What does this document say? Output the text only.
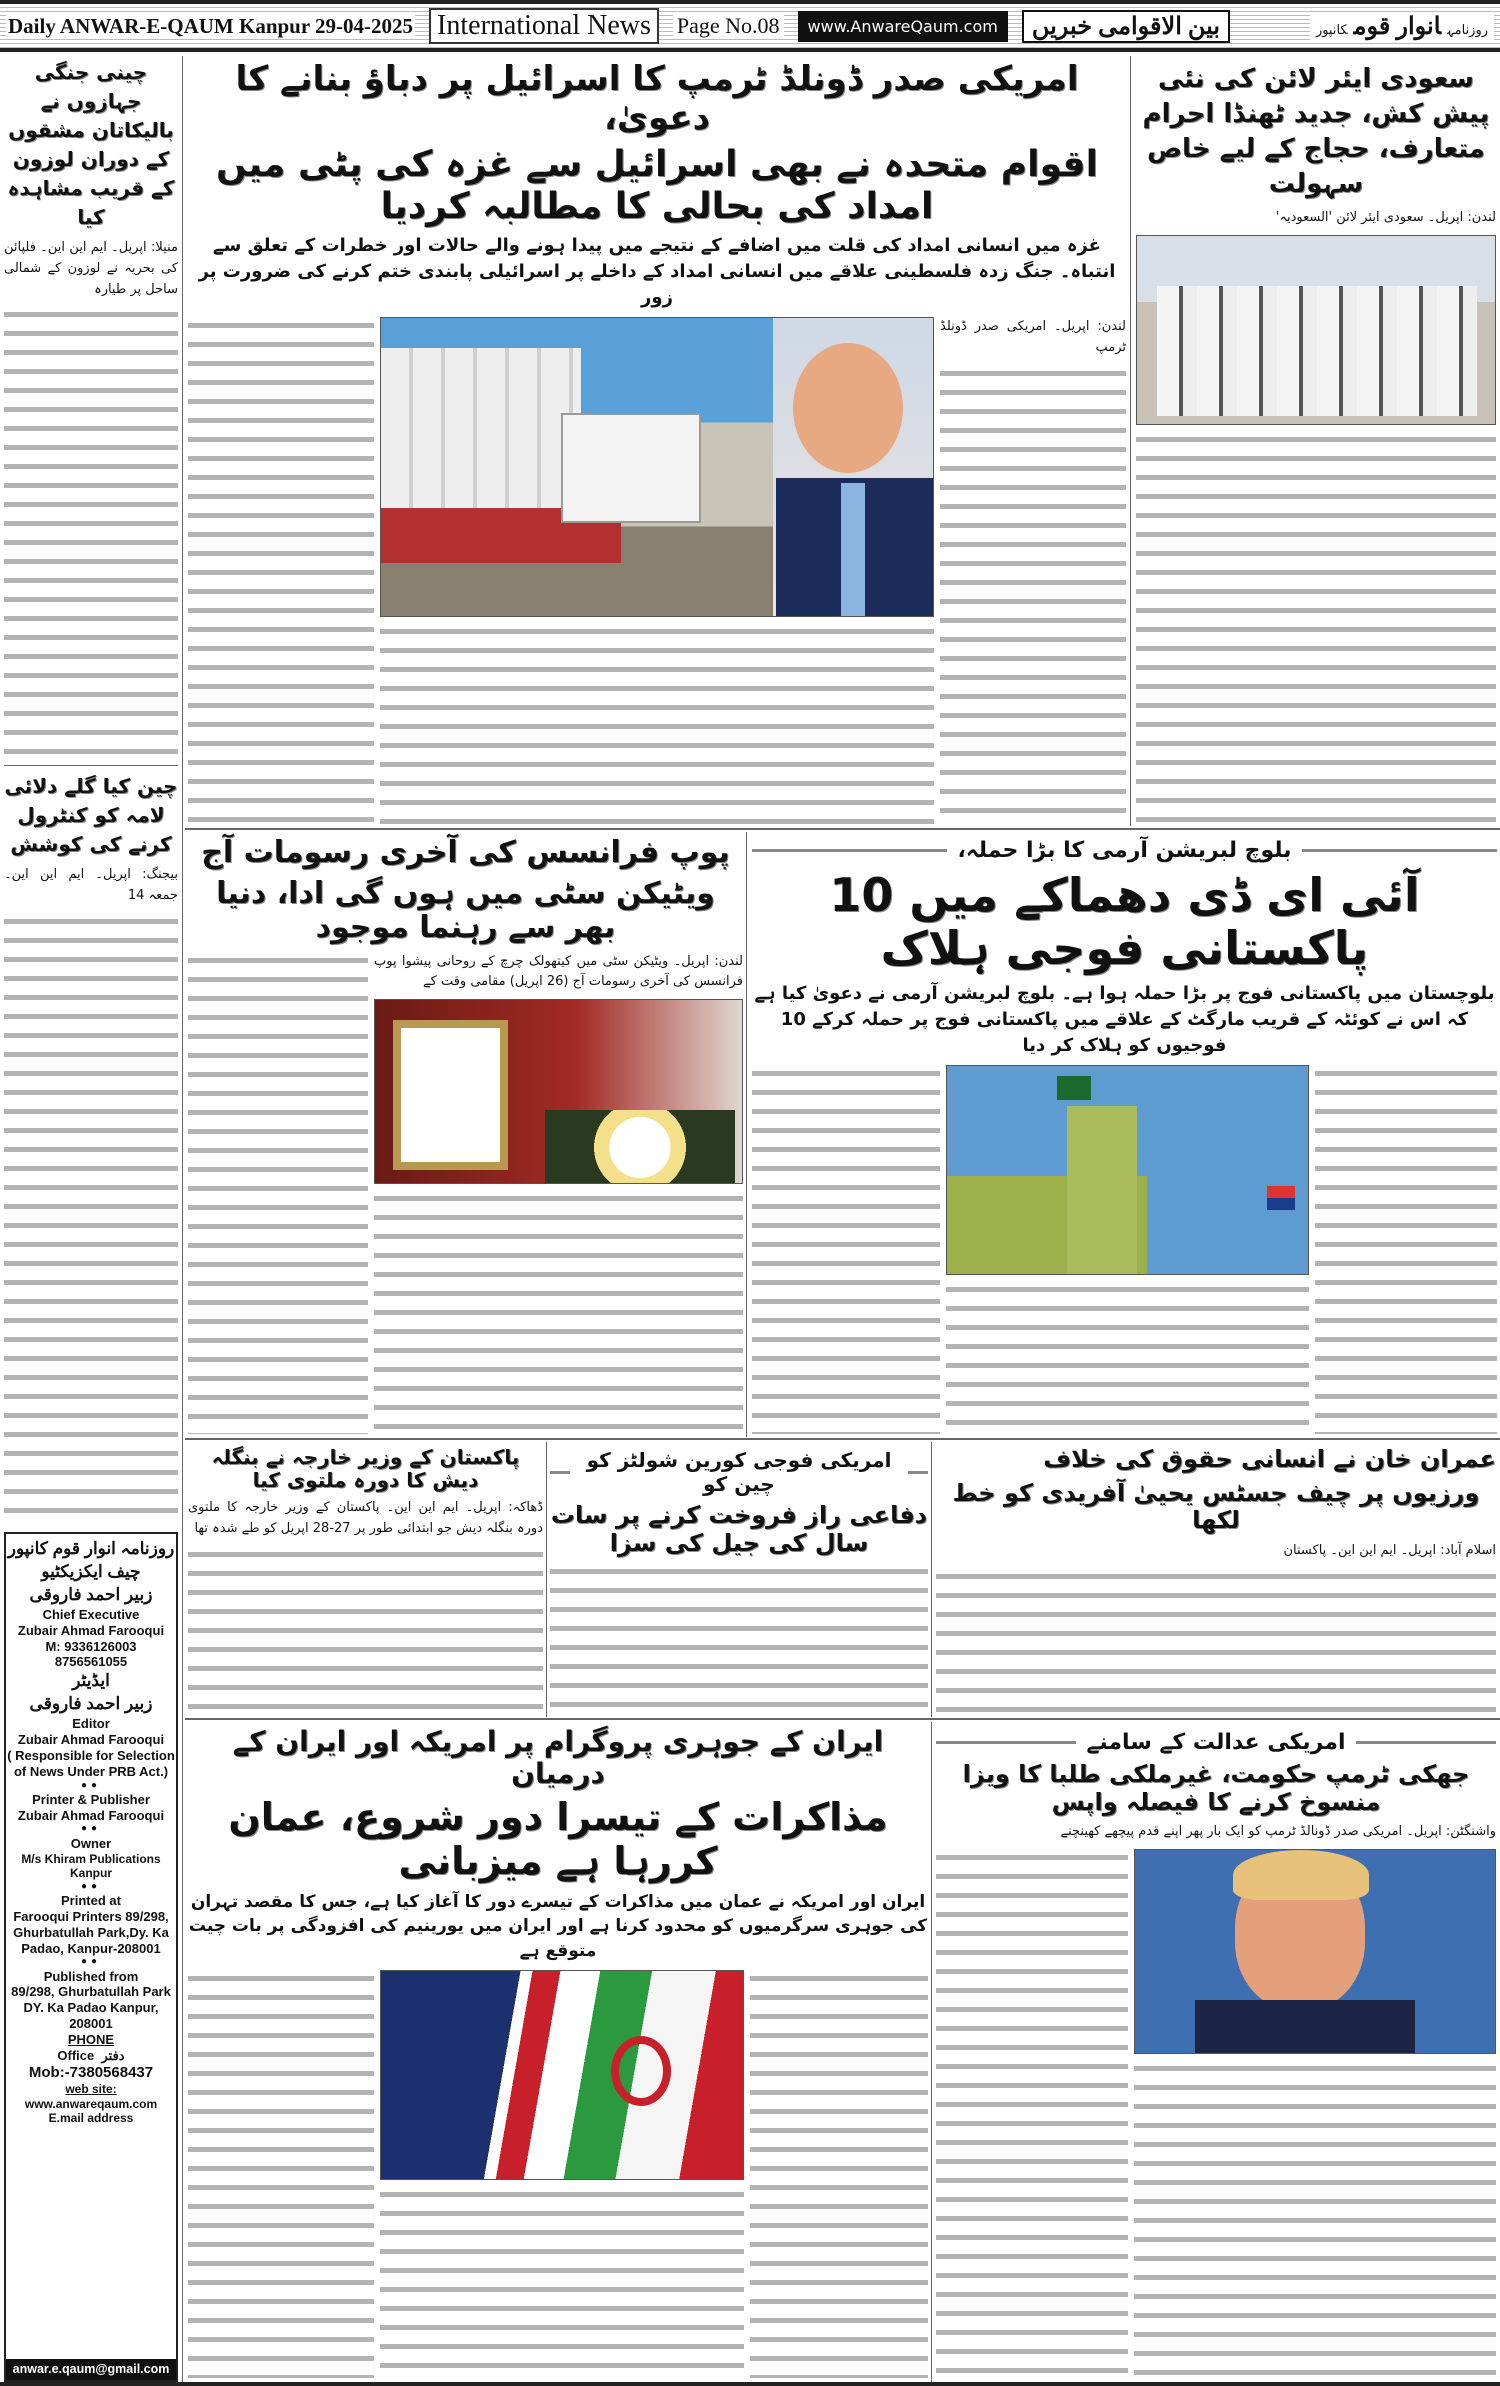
Daily ANWAR-E-QAUM Kanpur 29-04-2025 International News	Page No.08	www.AnwareQaum.com	بین الاقوامی خبریں	روزنامہانوار قومکانپور
چینی جنگی جہازوں نے بالیکاتان مشقوں کے دوران لوزون کے قریب مشاہدہ کیا
منیلا: اپریل۔ ایم این این۔ فلپائن کی بحریہ نے لوزون کے شمالی ساحل پر طیارہ
چین کیا گلے دلائی لامہ کو کنٹرول کرنے کی کوشش
بیجنگ: اپریل۔ ایم این این۔ جمعہ 14
روزنامہ انوار قوم کانپور
چیف ایکزیکٹیو
زبیر احمد فاروقی
Chief Executive
Zubair Ahmad Farooqui
M: 9336126003
8756561055
ایڈیٹر
زبیر احمد فاروقی
Editor
Zubair Ahmad Farooqui
( Responsible for Selection of News Under PRB Act.)
●●
Printer & Publisher
Zubair Ahmad Farooqui
●●
Owner
M/s Khiram Publications Kanpur
●●
Printed at
Farooqui Printers 89/298, Ghurbatullah Park,Dy. Ka Padao, Kanpur-208001
●●
Published from
89/298, Ghurbatullah Park DY. Ka Padao Kanpur, 208001
PHONE
Office دفتر
Mob:-7380568437
web site:
www.anwareqaum.com
E.mail address
anwar.e.qaum@gmail.com
امریکی صدر ڈونلڈ ٹرمپ کا اسرائیل پر دباؤ بنانے کا دعویٰ،
اقوام متحدہ نے بھی اسرائیل سے غزہ کی پٹی میں امداد کی بحالی کا مطالبہ کردیا
غزہ میں انسانی امداد کی قلت میں اضافے کے نتیجے میں پیدا ہونے والے حالات اور خطرات کے تعلق سے انتباہ۔ جنگ زدہ فلسطینی علاقے میں انسانی امداد کے داخلے پر اسرائیلی پابندی ختم کرنے کی ضرورت پر زور
لندن: اپریل۔ امریکی صدر ڈونلڈ ٹرمپ
سعودی ایئر لائن کی نئی پیش کش، جدید ٹھنڈا احرام متعارف، حجاج کے لیے خاص سہولت
لندن: اپریل۔ سعودی ایئر لائن 'السعودیہ'
پوپ فرانسس کی آخری رسومات آج
ویٹیکن سٹی میں ہوں گی ادا، دنیا بھر سے رہنما موجود
لندن: اپریل۔ ویٹیکن سٹی میں کیتھولک چرچ کے روحانی پیشوا پوپ فرانسس کی آخری رسومات آج (26 اپریل) مقامی وقت کے
بلوچ لبریشن آرمی کا بڑا حملہ،
آئی ای ڈی دھماکے میں 10 پاکستانی فوجی ہلاک
بلوچستان میں پاکستانی فوج پر بڑا حملہ ہوا ہے۔ بلوچ لبریشن آرمی نے دعویٰ کیا ہے کہ اس نے کوئٹہ کے قریب مارگٹ کے علاقے میں پاکستانی فوج پر حملہ کرکے 10 فوجیوں کو ہلاک کر دیا
پاکستان کے وزیر خارجہ نے بنگلہ دیش کا دورہ ملتوی کیا
ڈھاکہ: اپریل۔ ایم این این۔ پاکستان کے وزیر خارجہ کا ملتوی دورہ بنگلہ دیش جو ابتدائی طور پر 27-28 اپریل کو طے شدہ تھا
امریکی فوجی کورین شولٹز کو چین کو
دفاعی راز فروخت کرنے پر سات سال کی جیل کی سزا
عمران خان نے انسانی حقوق کی خلاف
ورزیوں پر چیف جسٹس یحییٰ آفریدی کو خط لکھا
اسلام آباد: اپریل۔ ایم این این۔ پاکستان
ایران کے جوہری پروگرام پر امریکہ اور ایران کے درمیان
مذاکرات کے تیسرا دور شروع، عمان کررہا ہے میزبانی
ایران اور امریکہ نے عمان میں مذاکرات کے تیسرے دور کا آغاز کیا ہے، جس کا مقصد تہران کی جوہری سرگرمیوں کو محدود کرنا ہے اور ایران میں یورینیم کی افزودگی پر بات چیت متوقع ہے
امریکی عدالت کے سامنے
جھکی ٹرمپ حکومت، غیرملکی طلبا کا ویزا منسوخ کرنے کا فیصلہ واپس
واشنگٹن: اپریل۔ امریکی صدر ڈونالڈ ٹرمپ کو ایک بار پھر اپنے قدم پیچھے کھینچنے
